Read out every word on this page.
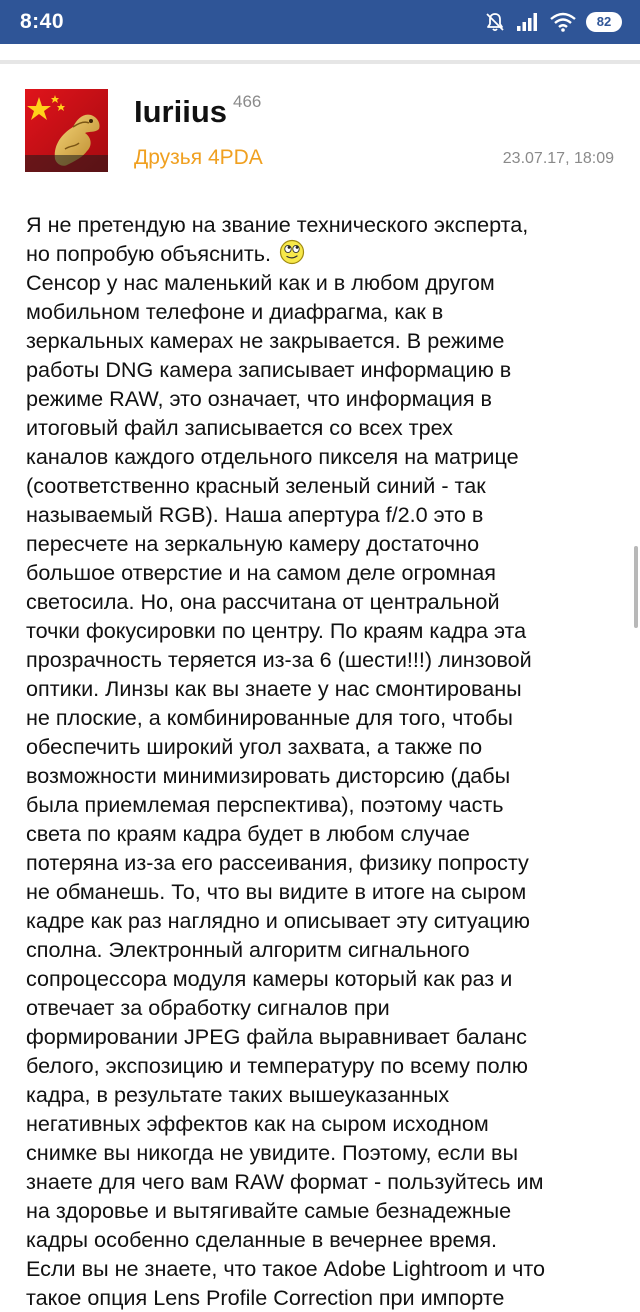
8:40	82
Iuriius 466
Друзья 4PDA	23.07.17, 18:09
Я не претендую на звание технического эксперта,
но попробую объяснить.
Сенсор у нас маленький как и в любом другом
мобильном телефоне и диафрагма, как в
зеркальных камерах не закрывается. В режиме
работы DNG камера записывает информацию в
режиме RAW, это означает, что информация в
итоговый файл записывается со всех трех
каналов каждого отдельного пикселя на матрице
(соответственно красный зеленый синий - так
называемый RGB). Наша апертура f/2.0 это в
пересчете на зеркальную камеру достаточно
большое отверстие и на самом деле огромная
светосила. Но, она рассчитана от центральной
точки фокусировки по центру. По краям кадра эта
прозрачность теряется из-за 6 (шести!!!) линзовой
оптики. Линзы как вы знаете у нас смонтированы
не плоские, а комбинированные для того, чтобы
обеспечить широкий угол захвата, а также по
возможности минимизировать дисторсию (дабы
была приемлемая перспектива), поэтому часть
света по краям кадра будет в любом случае
потеряна из-за его рассеивания, физику попросту
не обманешь. То, что вы видите в итоге на сыром
кадре как раз наглядно и описывает эту ситуацию
сполна. Электронный алгоритм сигнального
сопроцессора модуля камеры который как раз и
отвечает за обработку сигналов при
формировании JPEG файла выравнивает баланс
белого, экспозицию и температуру по всему полю
кадра, в результате таких вышеуказанных
негативных эффектов как на сыром исходном
снимке вы никогда не увидите. Поэтому, если вы
знаете для чего вам RAW формат - пользуйтесь им
на здоровье и вытягивайте самые безнадежные
кадры особенно сделанные в вечернее время.
Если вы не знаете, что такое Adobe Lightroom и что
такое опция Lens Profile Correction при импорте
